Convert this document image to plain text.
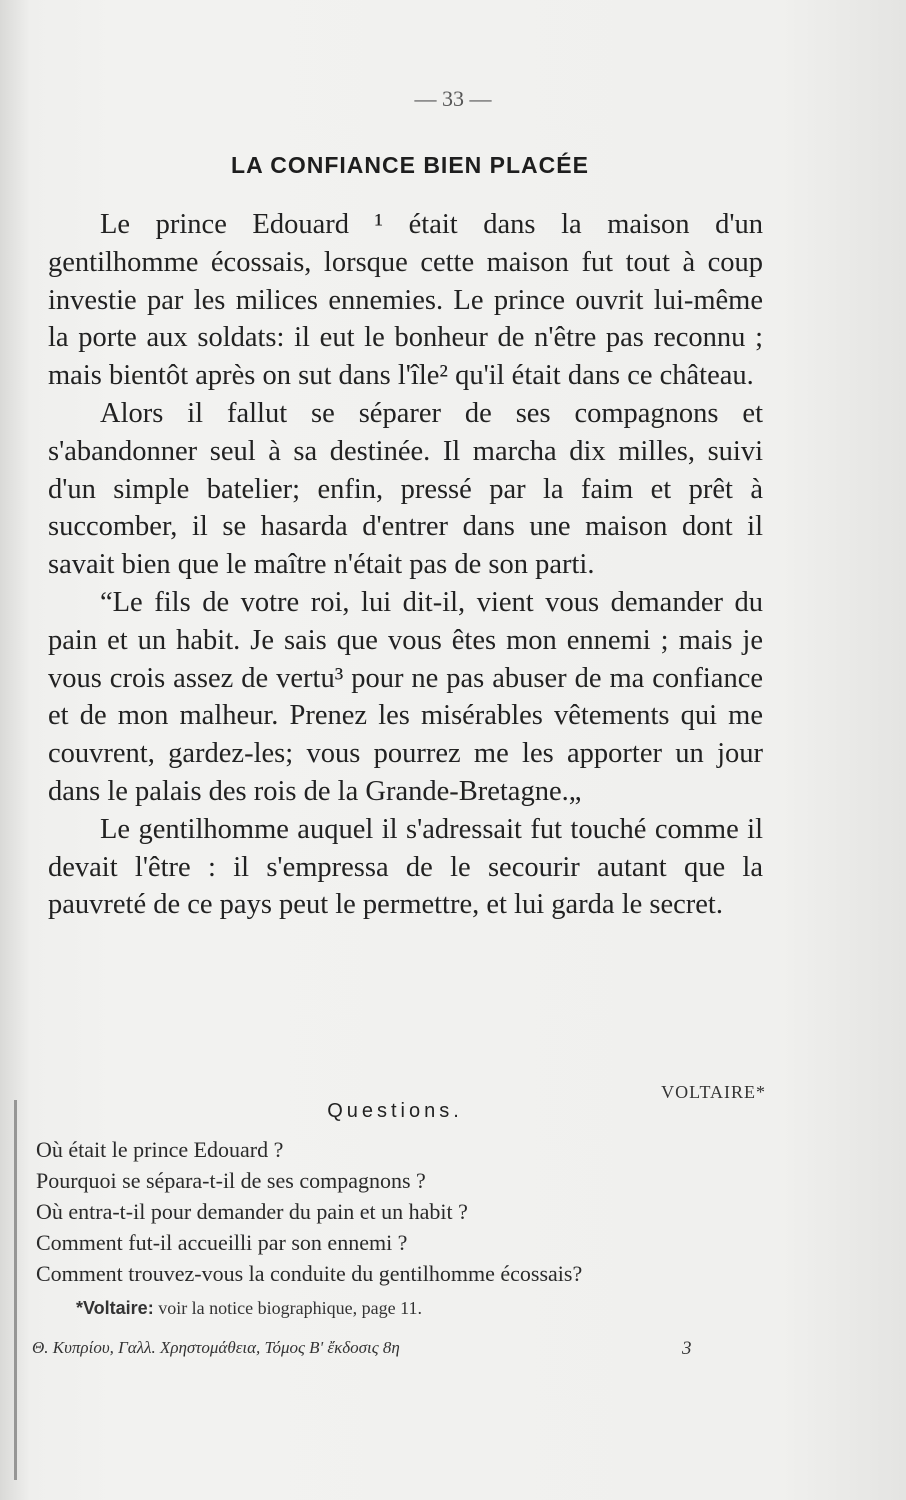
— 33 —
LA CONFIANCE BIEN PLACÉE

Le prince Edouard ¹ était dans la maison d'un gentilhomme écossais, lorsque cette maison fut tout à coup investie par les milices ennemies. Le prince ouvrit lui-même la porte aux soldats: il eut le bonheur de n'être pas reconnu ; mais bientôt après on sut dans l'île² qu'il était dans ce château.

Alors il fallut se séparer de ses compagnons et s'abandonner seul à sa destinée. Il marcha dix milles, suivi d'un simple batelier; enfin, pressé par la faim et prêt à succomber, il se hasarda d'entrer dans une maison dont il savait bien que le maître n'était pas de son parti.

“Le fils de votre roi, lui dit-il, vient vous demander du pain et un habit. Je sais que vous êtes mon ennemi ; mais je vous crois assez de vertu³ pour ne pas abuser de ma confiance et de mon malheur. Prenez les misérables vêtements qui me couvrent, gardez-les; vous pourrez me les apporter un jour dans le palais des rois de la Grande-Bretagne.„

Le gentilhomme auquel il s'adressait fut touché comme il devait l'être : il s'empressa de le secourir autant que la pauvreté de ce pays peut le permettre, et lui garda le secret.

VOLTAIRE*
Questions.
Où était le prince Edouard ?
Pourquoi se sépara-t-il de ses compagnons ?
Où entra-t-il pour demander du pain et un habit ?
Comment fut-il accueilli par son ennemi ?
Comment trouvez-vous la conduite du gentilhomme écossais?
*Voltaire: voir la notice biographique, page 11.
Θ. Κυπρίου, Γαλλ. Χρηστομάθεια, Τόμος Β' ἔκδοσις 8η	3
